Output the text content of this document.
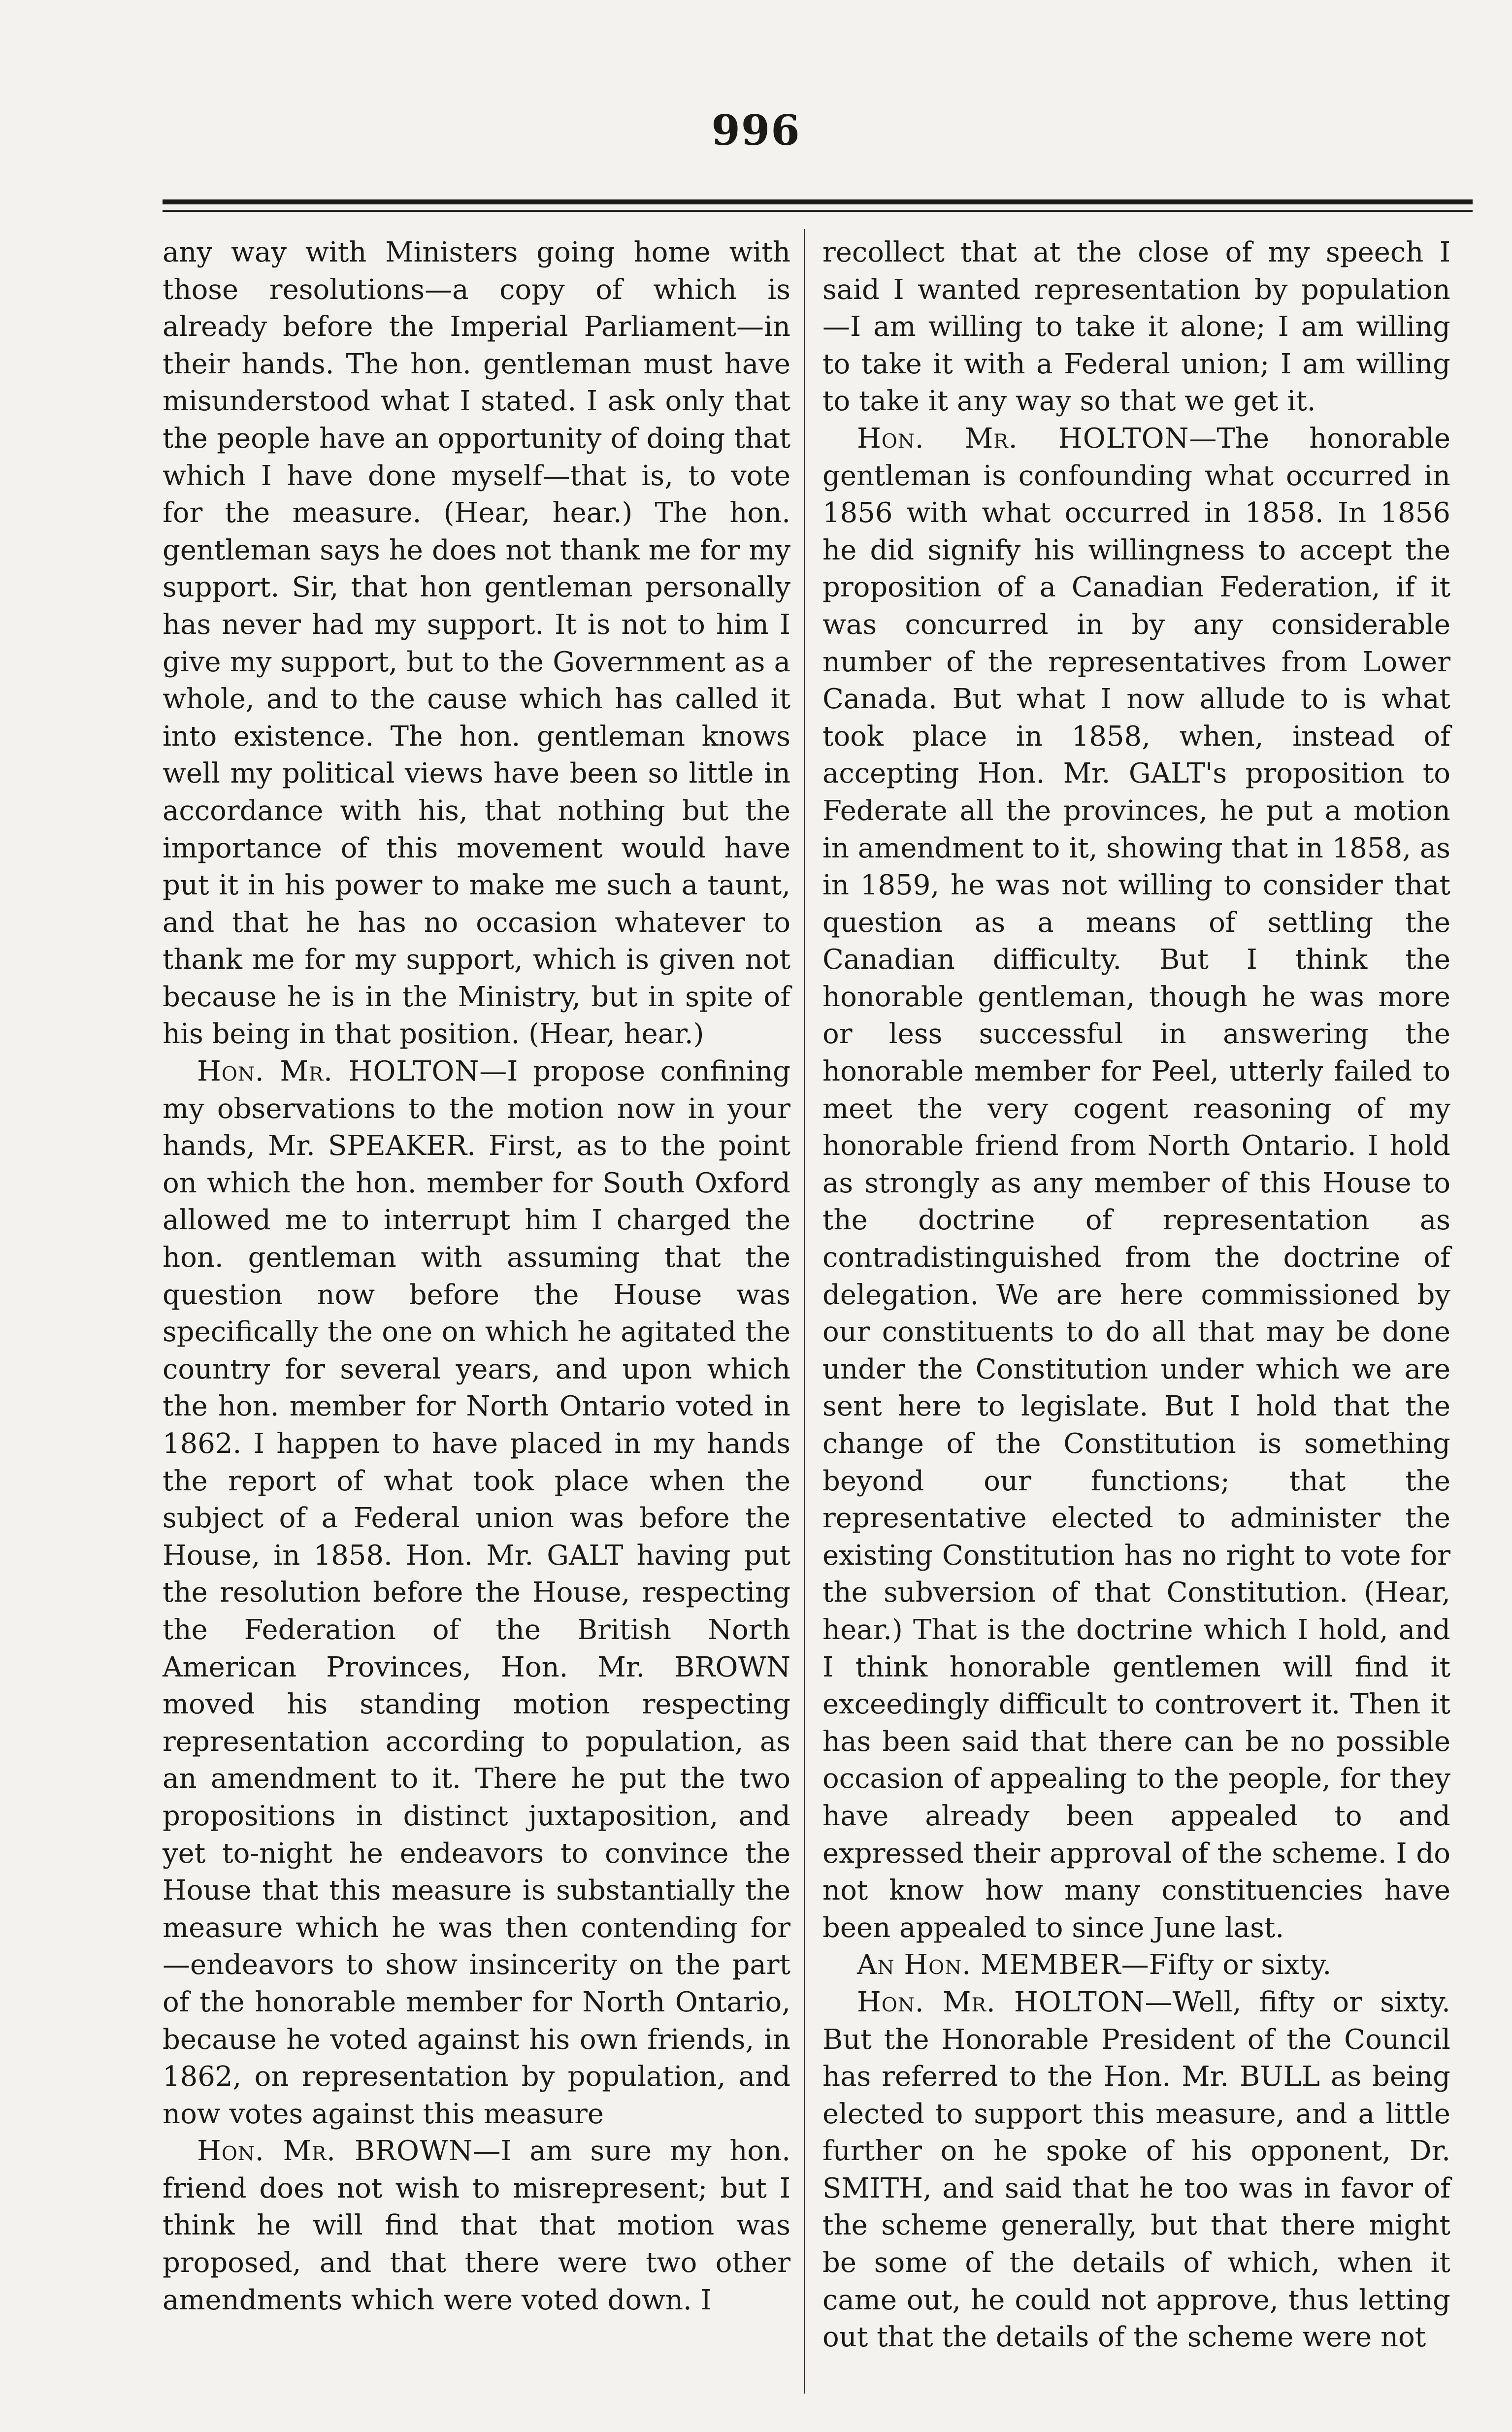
996

any way with Ministers going home with those resolutions—a copy of which is already before the Imperial Parliament—in their hands. The hon. gentleman must have misunderstood what I stated. I ask only that the people have an opportunity of doing that which I have done myself—that is, to vote for the measure. (Hear, hear.) The hon. gentleman says he does not thank me for my support. Sir, that hon gentleman personally has never had my support. It is not to him I give my support, but to the Government as a whole, and to the cause which has called it into existence. The hon. gentleman knows well my political views have been so little in accordance with his, that nothing but the importance of this movement would have put it in his power to make me such a taunt, and that he has no occasion whatever to thank me for my support, which is given not because he is in the Ministry, but in spite of his being in that position. (Hear, hear.)

Hon. Mr. HOLTON—I propose confining my observations to the motion now in your hands, Mr. SPEAKER. First, as to the point on which the hon. member for South Oxford allowed me to interrupt him I charged the hon. gentleman with assuming that the question now before the House was specifically the one on which he agitated the country for several years, and upon which the hon. member for North Ontario voted in 1862. I happen to have placed in my hands the report of what took place when the subject of a Federal union was before the House, in 1858. Hon. Mr. GALT having put the resolution before the House, respecting the Federation of the British North American Provinces, Hon. Mr. BROWN moved his standing motion respecting representation according to population, as an amendment to it. There he put the two propositions in distinct juxtaposition, and yet to-night he endeavors to convince the House that this measure is substantially the measure which he was then contending for—endeavors to show insincerity on the part of the honorable member for North Ontario, because he voted against his own friends, in 1862, on representation by population, and now votes against this measure

Hon. Mr. BROWN—I am sure my hon. friend does not wish to misrepresent; but I think he will find that that motion was proposed, and that there were two other amendments which were voted down. I

recollect that at the close of my speech I said I wanted representation by population—I am willing to take it alone; I am willing to take it with a Federal union; I am willing to take it any way so that we get it.

Hon. Mr. HOLTON—The honorable gentleman is confounding what occurred in 1856 with what occurred in 1858. In 1856 he did signify his willingness to accept the proposition of a Canadian Federation, if it was concurred in by any considerable number of the representatives from Lower Canada. But what I now allude to is what took place in 1858, when, instead of accepting Hon. Mr. GALT's proposition to Federate all the provinces, he put a motion in amendment to it, showing that in 1858, as in 1859, he was not willing to consider that question as a means of settling the Canadian difficulty. But I think the honorable gentleman, though he was more or less successful in answering the honorable member for Peel, utterly failed to meet the very cogent reasoning of my honorable friend from North Ontario. I hold as strongly as any member of this House to the doctrine of representation as contradistinguished from the doctrine of delegation. We are here commissioned by our constituents to do all that may be done under the Constitution under which we are sent here to legislate. But I hold that the change of the Constitution is something beyond our functions; that the representative elected to administer the existing Constitution has no right to vote for the subversion of that Constitution. (Hear, hear.) That is the doctrine which I hold, and I think honorable gentlemen will find it exceedingly difficult to controvert it. Then it has been said that there can be no possible occasion of appealing to the people, for they have already been appealed to and expressed their approval of the scheme. I do not know how many constituencies have been appealed to since June last.

An Hon. MEMBER—Fifty or sixty.

Hon. Mr. HOLTON—Well, fifty or sixty. But the Honorable President of the Council has referred to the Hon. Mr. BULL as being elected to support this measure, and a little further on he spoke of his opponent, Dr. SMITH, and said that he too was in favor of the scheme generally, but that there might be some of the details of which, when it came out, he could not approve, thus letting out that the details of the scheme were not
